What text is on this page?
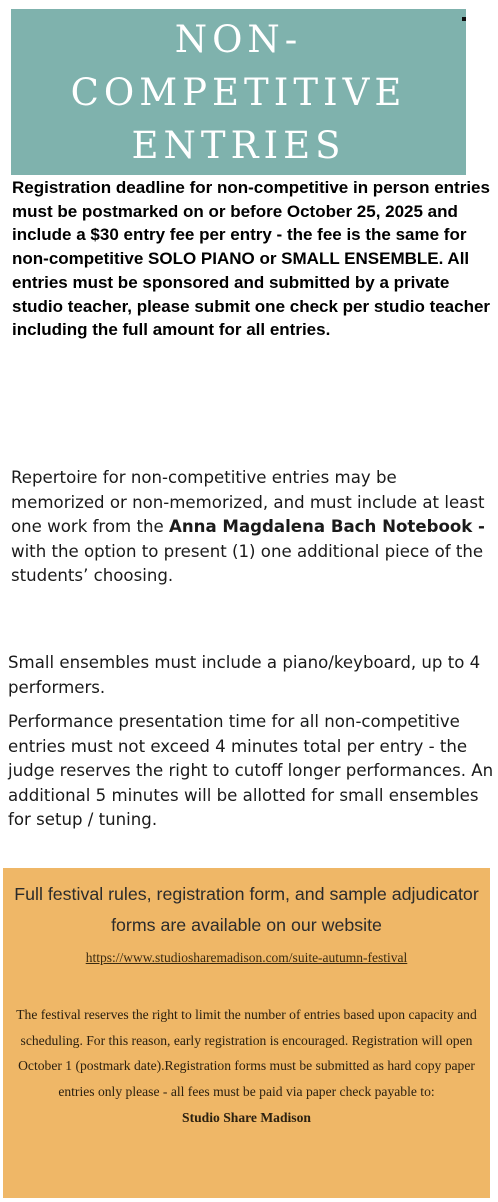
NON-
COMPETITIVE
ENTRIES
Registration deadline for non-competitive in person entries must be postmarked on or before October 25, 2025 and include a $30 entry fee per entry - the fee is the same for non-competitive SOLO PIANO or SMALL ENSEMBLE. All entries must be sponsored and submitted by a private studio teacher, please submit one check per studio teacher including the full amount for all entries.
Repertoire for non-competitive entries may be memorized or non-memorized, and must include at least one work from the Anna Magdalena Bach Notebook - with the option to present (1) one additional piece of the students’ choosing.
Small ensembles must include a piano/keyboard, up to 4 performers.
Performance presentation time for all non-competitive entries must not exceed 4 minutes total per entry - the judge reserves the right to cutoff longer performances. An additional 5 minutes will be allotted for small ensembles for setup / tuning.
Full festival rules, registration form, and sample adjudicator forms are available on our website https://www.studiosharemadison.com/suite-autumn-festival
The festival reserves the right to limit the number of entries based upon capacity and scheduling. For this reason, early registration is encouraged. Registration will open October 1 (postmark date).Registration forms must be submitted as hard copy paper entries only please - all fees must be paid via paper check payable to:
Studio Share Madison
